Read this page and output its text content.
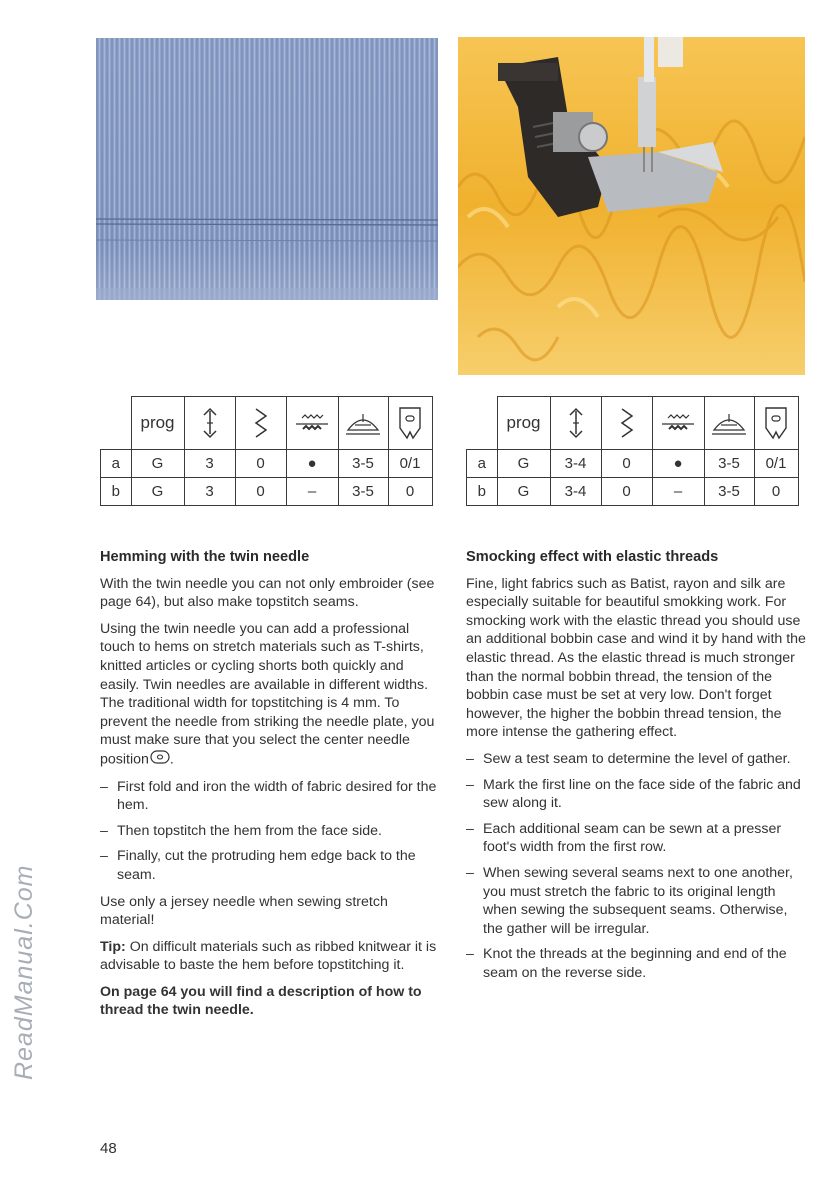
	prog	

a	G	3	0	●	3-5	0/1
b	G	3	0	–	3-5	0
	prog	

a	G	3-4	0	●	3-5	0/1
b	G	3-4	0	–	3-5	0
Hemming with the twin needle

With the twin needle you can not only embroider (see page 64), but also make topstitch seams.

Using the twin needle you can add a professional touch to hems on stretch materials such as T-shirts, knitted articles or cycling shorts both quickly and easily. Twin needles are available in different widths. The traditional width for topstitching is 4 mm. To prevent the needle from striking the needle plate, you must make sure that you select the center needle position .

– First fold and iron the width of fabric desired for the hem.
– Then topstitch the hem from the face side.
– Finally, cut the protruding hem edge back to the seam.

Use only a jersey needle when sewing stretch material!

Tip: On difficult materials such as ribbed knitwear it is advisable to baste the hem before topstitching it.

On page 64 you will find a description of how to thread the twin needle.

Smocking effect with elastic threads

Fine, light fabrics such as Batist, rayon and silk are especially suitable for beautiful smokking work. For smocking work with the elastic thread you should use an additional bobbin case and wind it by hand with the elastic thread. As the elastic thread is much stronger than the normal bobbin thread, the tension of the bobbin case must be set at very low. Don't forget however, the higher the bobbin thread tension, the more intense the gathering effect.

– Sew a test seam to determine the level of gather.
– Mark the first line on the face side of the fabric and sew along it.
– Each additional seam can be sewn at a presser foot's width from the first row.
– When sewing several seams next to one another, you must stretch the fabric to its original length when sewing the subsequent seams. Otherwise, the gather will be irregular.
– Knot the threads at the beginning and end of the seam on the reverse side.
48
ReadManual.Com
